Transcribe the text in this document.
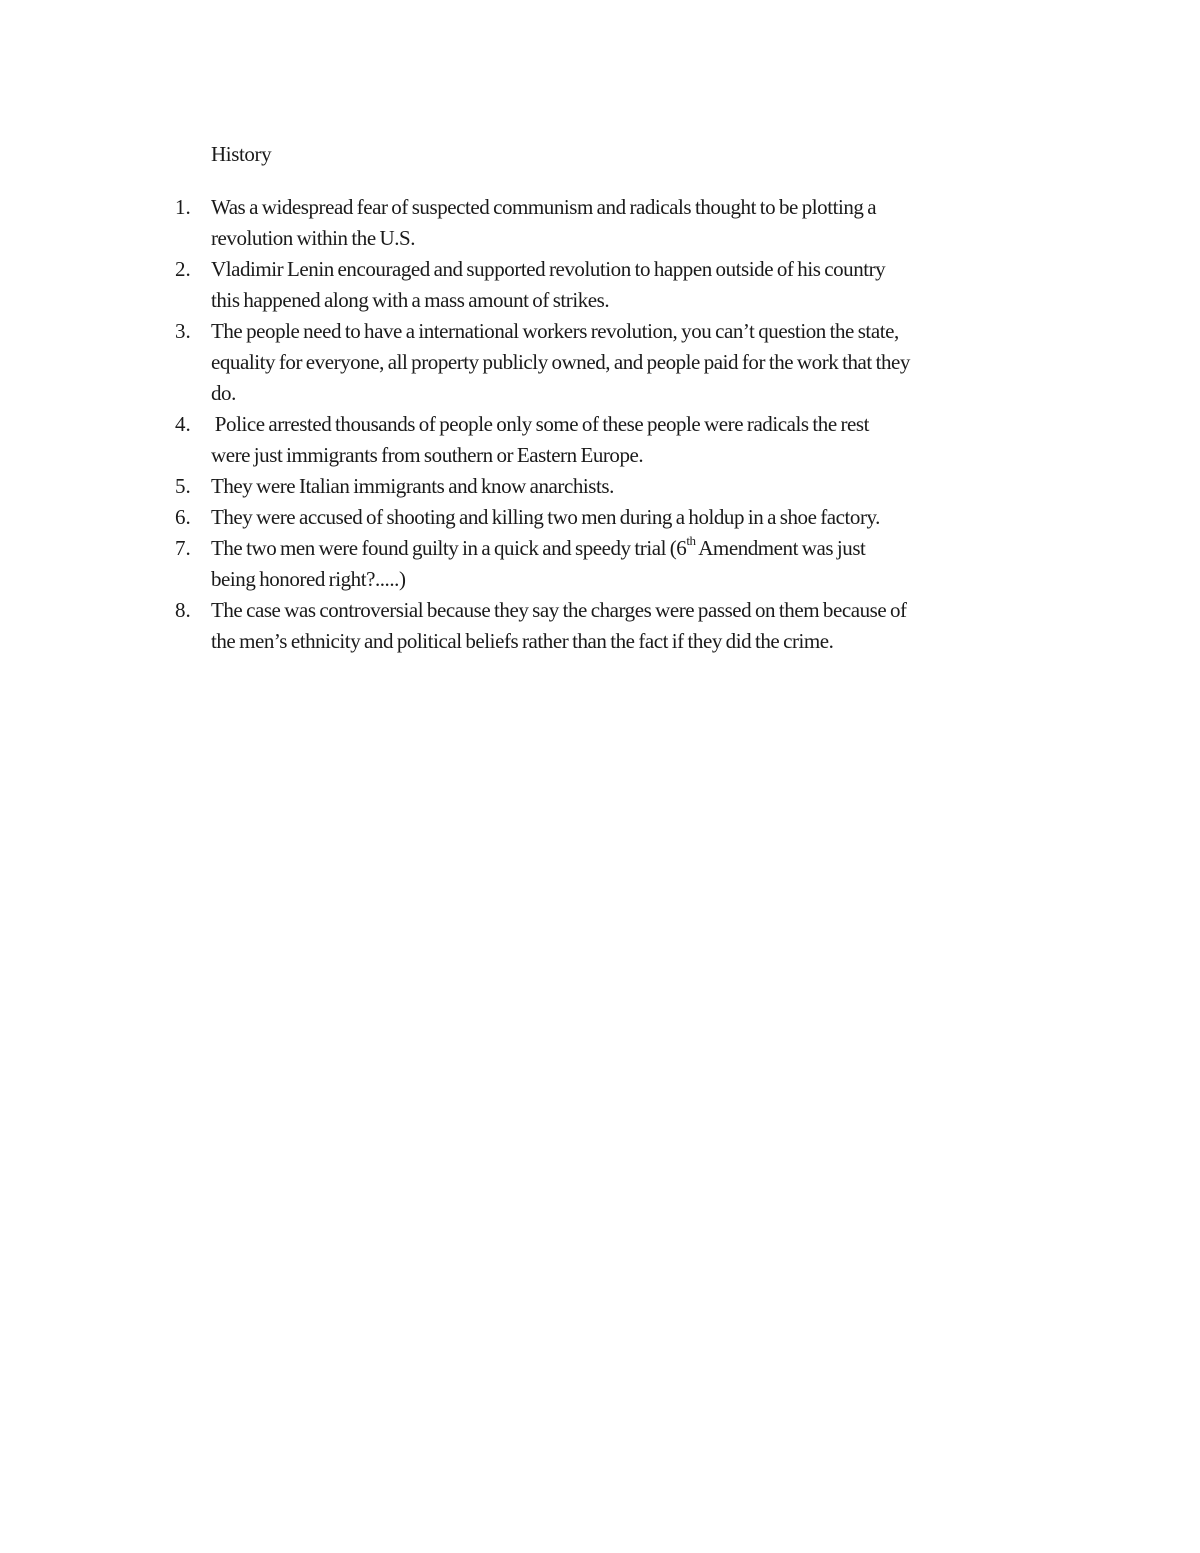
History
1. Was a widespread fear of suspected communism and radicals thought to be plotting a
revolution within the U.S.
2. Vladimir Lenin encouraged and supported revolution to happen outside of his country
this happened along with a mass amount of strikes.
3. The people need to have a international workers revolution, you can’t question the state,
equality for everyone, all property publicly owned, and people paid for the work that they
do.
4. Police arrested thousands of people only some of these people were radicals the rest
were just immigrants from southern or Eastern Europe.
5. They were Italian immigrants and know anarchists.
6. They were accused of shooting and killing two men during a holdup in a shoe factory.
7. The two men were found guilty in a quick and speedy trial (6th Amendment was just
being honored right?.....)
8. The case was controversial because they say the charges were passed on them because of
the men’s ethnicity and political beliefs rather than the fact if they did the crime.
